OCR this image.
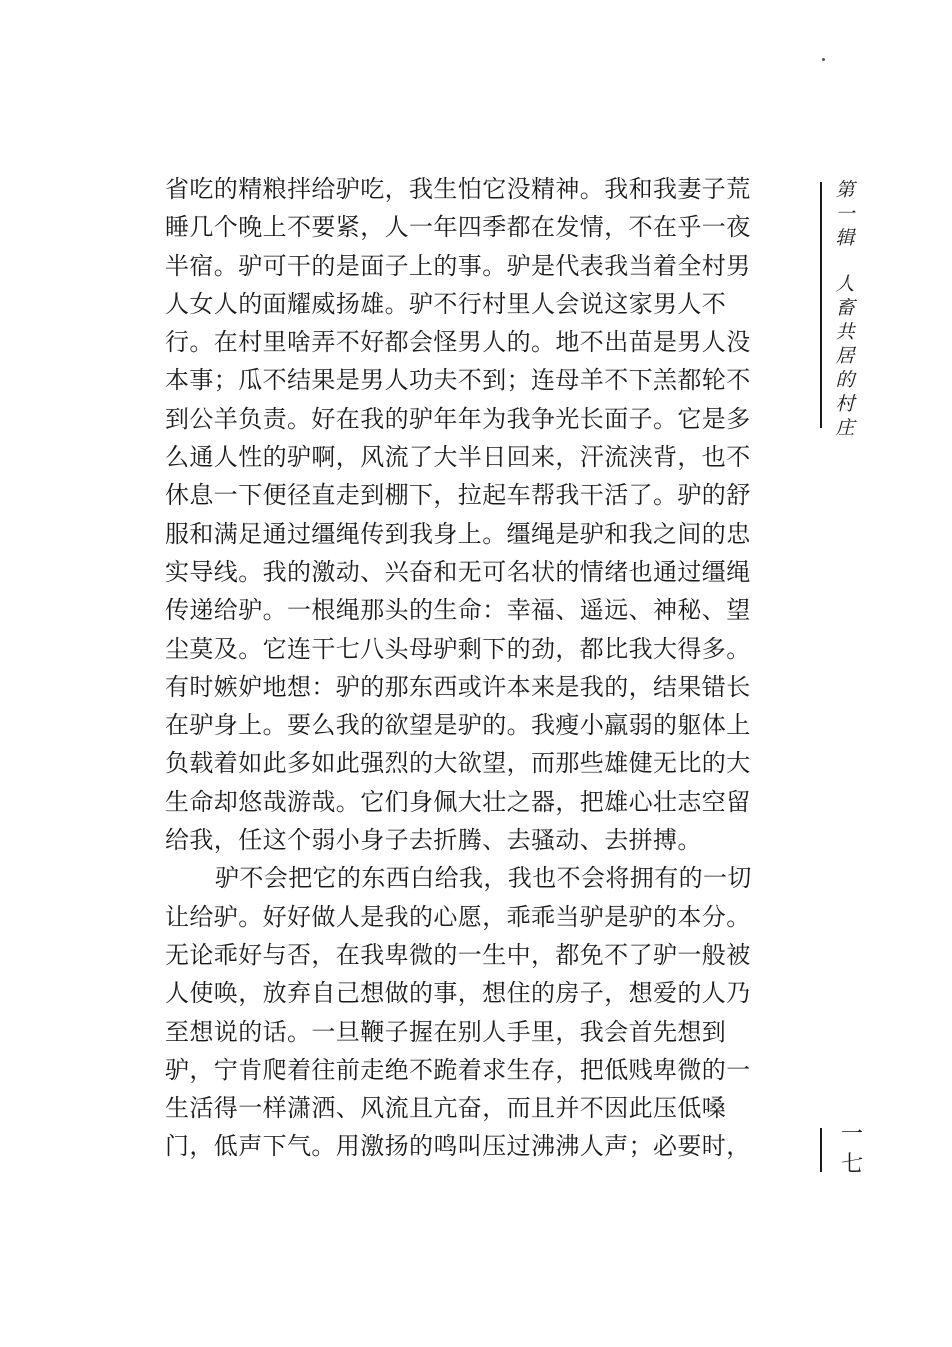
省吃的精粮拌给驴吃，我生怕它没精神。我和我妻子荒
睡几个晚上不要紧，人一年四季都在发情，不在乎一夜
半宿。驴可干的是面子上的事。驴是代表我当着全村男
人女人的面耀威扬雄。驴不行村里人会说这家男人不
行。在村里啥弄不好都会怪男人的。地不出苗是男人没
本事；瓜不结果是男人功夫不到；连母羊不下羔都轮不
到公羊负责。好在我的驴年年为我争光长面子。它是多
么通人性的驴啊，风流了大半日回来，汗流浃背，也不
休息一下便径直走到棚下，拉起车帮我干活了。驴的舒
服和满足通过缰绳传到我身上。缰绳是驴和我之间的忠
实导线。我的激动、兴奋和无可名状的情绪也通过缰绳
传递给驴。一根绳那头的生命：幸福、遥远、神秘、望
尘莫及。它连干七八头母驴剩下的劲，都比我大得多。
有时嫉妒地想：驴的那东西或许本来是我的，结果错长
在驴身上。要么我的欲望是驴的。我瘦小羸弱的躯体上
负载着如此多如此强烈的大欲望，而那些雄健无比的大
生命却悠哉游哉。它们身佩大壮之器，把雄心壮志空留
给我，任这个弱小身子去折腾、去骚动、去拼搏。
驴不会把它的东西白给我，我也不会将拥有的一切
让给驴。好好做人是我的心愿，乖乖当驴是驴的本分。
无论乖好与否，在我卑微的一生中，都免不了驴一般被
人使唤，放弃自己想做的事，想住的房子，想爱的人乃
至想说的话。一旦鞭子握在别人手里，我会首先想到
驴，宁肯爬着往前走绝不跪着求生存，把低贱卑微的一
生活得一样潇洒、风流且亢奋，而且并不因此压低嗓
门，低声下气。用激扬的鸣叫压过沸沸人声；必要时，
第一辑
人畜共居的村庄
一七
